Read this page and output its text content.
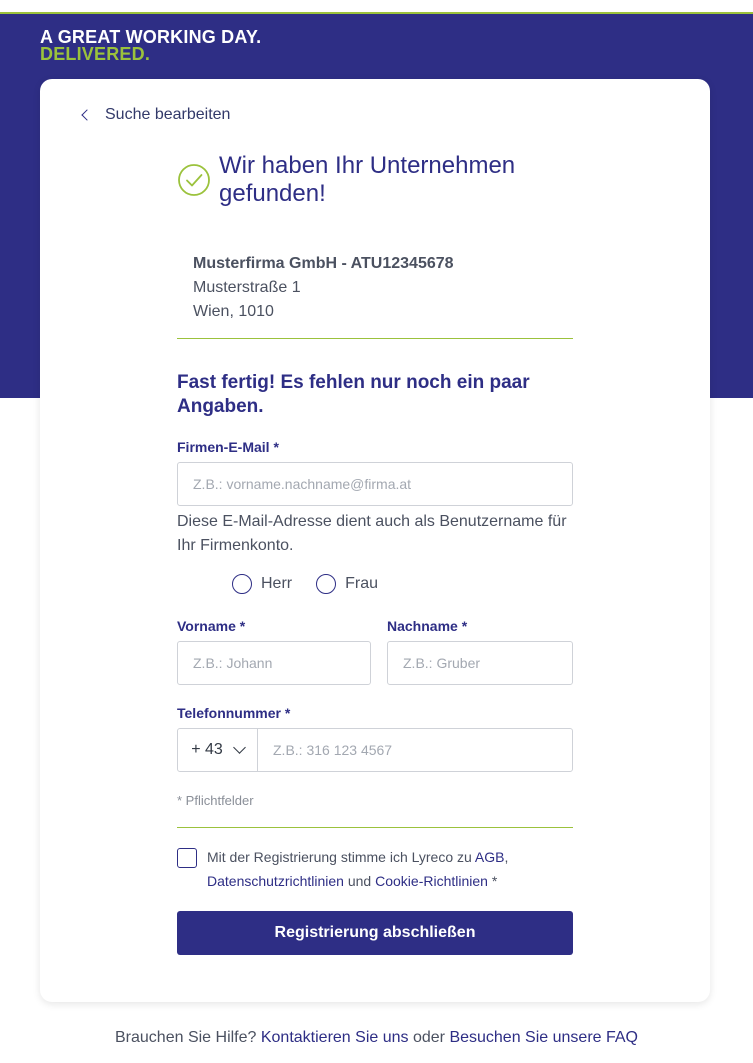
A GREAT WORKING DAY.
DELIVERED.
Suche bearbeiten
Wir haben Ihr Unternehmen gefunden!
Musterfirma GmbH - ATU12345678
Musterstraße 1
Wien, 1010
Fast fertig! Es fehlen nur noch ein paar Angaben.
Firmen-E-Mail *
Z.B.: vorname.nachname@firma.at
Diese E-Mail-Adresse dient auch als Benutzername für Ihr Firmenkonto.
Herr	Frau
Vorname *
Z.B.: Johann	Nachname *
Z.B.: Gruber
Telefonnummer *
+ 43
Z.B.: 316 123 4567
* Pflichtfelder
Mit der Registrierung stimme ich Lyreco zu AGB,
Datenschutzrichtlinien und Cookie-Richtlinien *
Registrierung abschließen
Brauchen Sie Hilfe? Kontaktieren Sie uns oder Besuchen Sie unsere FAQ
